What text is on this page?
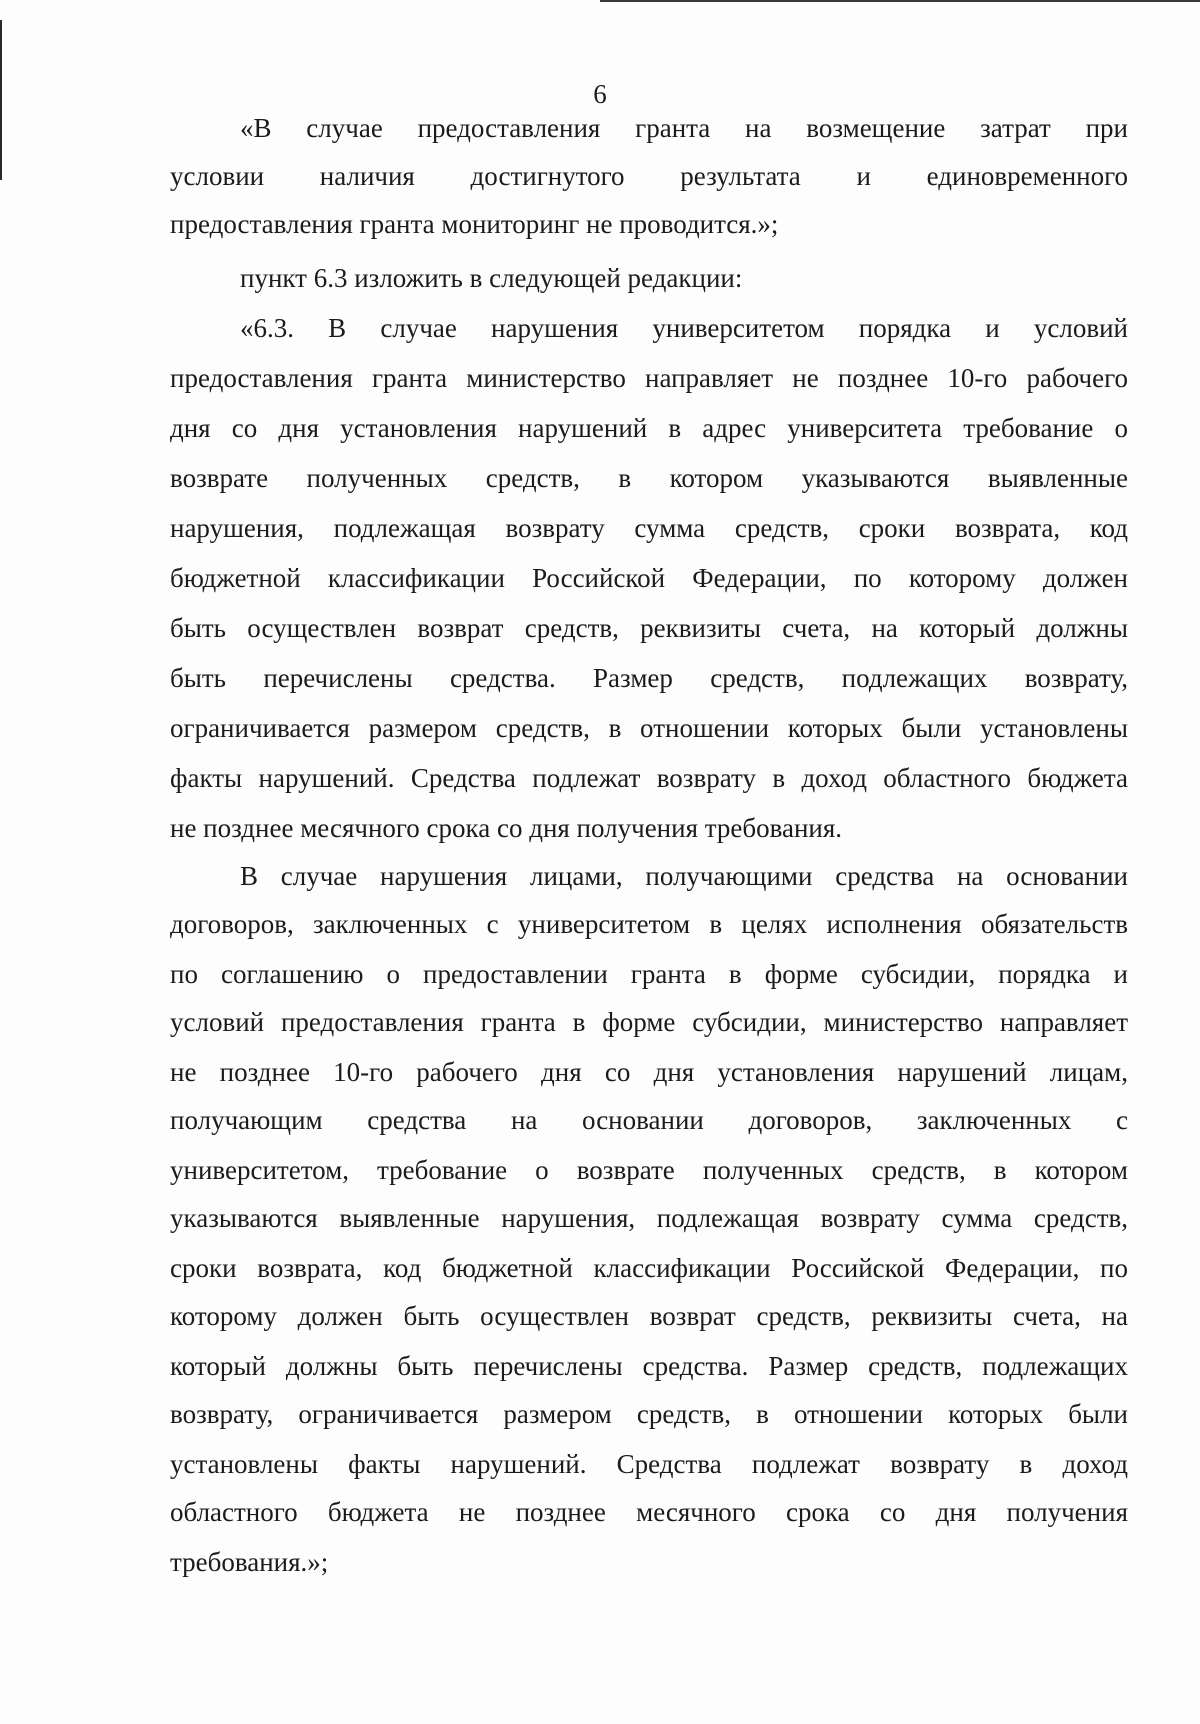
6
«В случае предоставления гранта на возмещение затрат при
условии наличия достигнутого результата и единовременного
предоставления гранта мониторинг не проводится.»;
пункт 6.3 изложить в следующей редакции:
«6.3. В случае нарушения университетом порядка и условий
предоставления гранта министерство направляет не позднее 10-го рабочего
дня со дня установления нарушений в адрес университета требование о
возврате полученных средств, в котором указываются выявленные
нарушения, подлежащая возврату сумма средств, сроки возврата, код
бюджетной классификации Российской Федерации, по которому должен
быть осуществлен возврат средств, реквизиты счета, на который должны
быть перечислены средства. Размер средств, подлежащих возврату,
ограничивается размером средств, в отношении которых были установлены
факты нарушений. Средства подлежат возврату в доход областного бюджета
не позднее месячного срока со дня получения требования.
В случае нарушения лицами, получающими средства на основании
договоров, заключенных с университетом в целях исполнения обязательств
по соглашению о предоставлении гранта в форме субсидии, порядка и
условий предоставления гранта в форме субсидии, министерство направляет
не позднее 10-го рабочего дня со дня установления нарушений лицам,
получающим средства на основании договоров, заключенных с
университетом, требование о возврате полученных средств, в котором
указываются выявленные нарушения, подлежащая возврату сумма средств,
сроки возврата, код бюджетной классификации Российской Федерации, по
которому должен быть осуществлен возврат средств, реквизиты счета, на
который должны быть перечислены средства. Размер средств, подлежащих
возврату, ограничивается размером средств, в отношении которых были
установлены факты нарушений. Средства подлежат возврату в доход
областного бюджета не позднее месячного срока со дня получения
требования.»;
